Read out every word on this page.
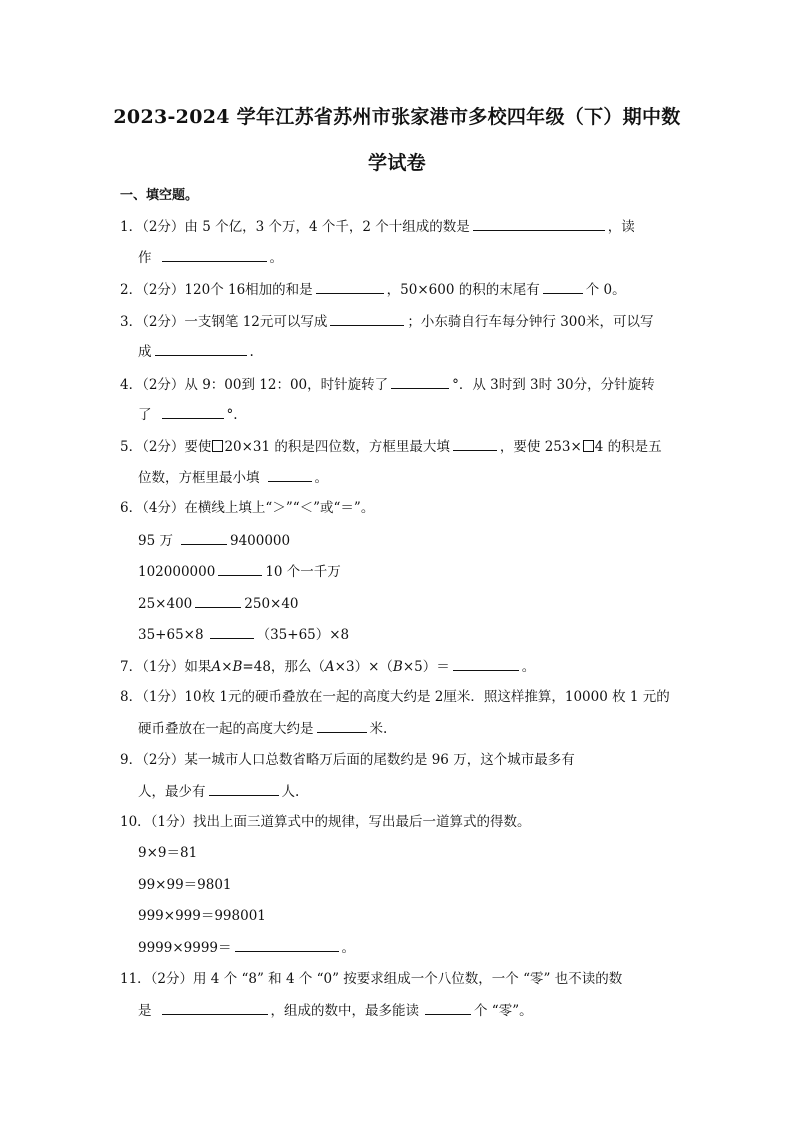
2023-2024 学年江苏省苏州市张家港市多校四年级（下）期中数
学试卷
一、填空题。
1．（2分）由 5 个亿，3 个万，4 个千，2 个十组成的数是	，读
作	。
2．（2分）120个 16相加的和是	，50×600 的积的末尾有	个 0。
3．（2分）一支钢笔 12元可以写成	；小东骑自行车每分钟行 300米，可以写
成	.
4．（2分）从 9：00到 12：00，时针旋转了	°．从 3时到 3时 30分，分针旋转
了	°.
5．（2分）要使 20×31 的积是四位数，方框里最大填	，要使 253× 4 的积是五
位数，方框里最小填	。
6．（4分）在横线上填上“＞”“＜”或“＝”。
95 万	9400000
102000000	10 个一千万
25×400	250×40
35+65×8	（35+65）×8
7．（1分）如果A×B=48，那么（A×3）×（B×5）＝	。
8．（1分）10枚 1元的硬币叠放在一起的高度大约是 2厘米．照这样推算，10000 枚 1 元的
硬币叠放在一起的高度大约是	米.
9．（2分）某一城市人口总数省略万后面的尾数约是 96 万，这个城市最多有
人，最少有	人.
10．（1分）找出上面三道算式中的规律，写出最后一道算式的得数。
9×9＝81
99×99＝9801
999×999＝998001
9999×9999＝	。
11．（2分）用 4 个 “8” 和 4 个 “0” 按要求组成一个八位数，一个 “零” 也不读的数
是	，组成的数中，最多能读	个 “零”。
